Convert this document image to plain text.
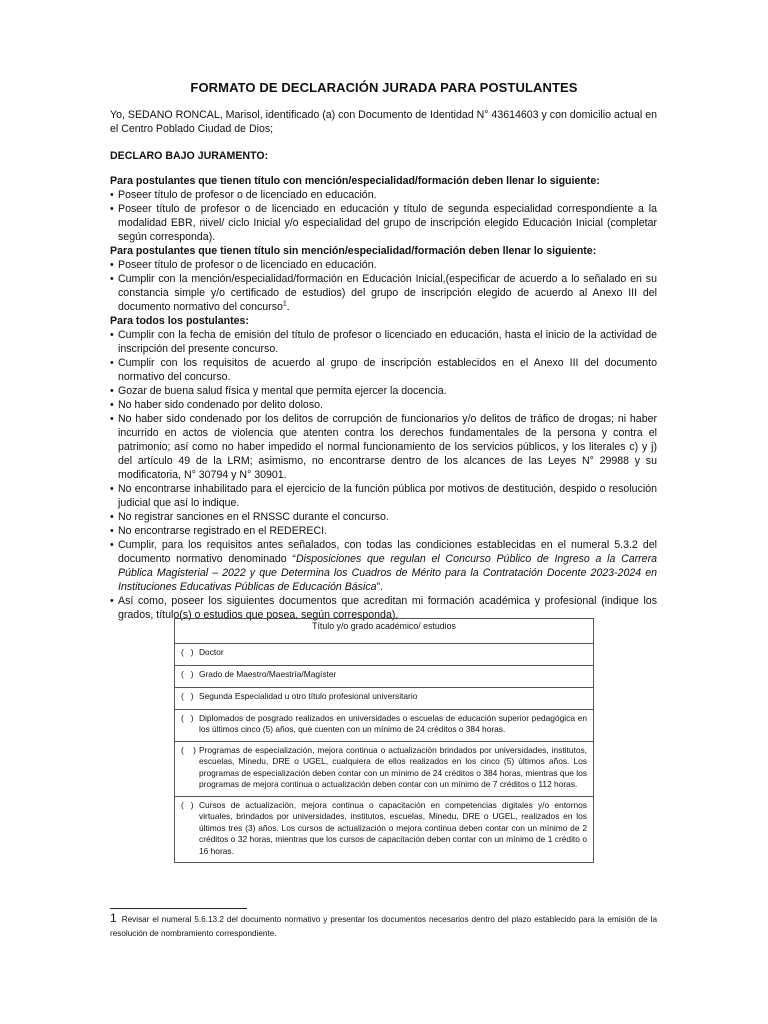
FORMATO DE DECLARACIÓN JURADA PARA POSTULANTES

Yo, SEDANO RONCAL, Marisol, identificado (a) con Documento de Identidad N° 43614603 y con domicilio actual en el Centro Poblado Ciudad de Dios;

DECLARO BAJO JURAMENTO:

Para postulantes que tienen título con mención/especialidad/formación deben llenar lo siguiente:

• Poseer título de profesor o de licenciado en educación.
• Poseer título de profesor o de licenciado en educación y título de segunda especialidad correspondiente a la modalidad EBR, nivel/ ciclo Inicial y/o especialidad del grupo de inscripción elegido Educación Inicial (completar según corresponda).

Para postulantes que tienen título sin mención/especialidad/formación deben llenar lo siguiente:

• Poseer título de profesor o de licenciado en educación.
• Cumplir con la mención/especialidad/formación en Educación Inicial,(especificar de acuerdo a lo señalado en su constancia simple y/o certificado de estudios) del grupo de inscripción elegido de acuerdo al Anexo III del documento normativo del concurso$^1$.

Para todos los postulantes:

• Cumplir con la fecha de emisión del título de profesor o licenciado en educación, hasta el inicio de la actividad de inscripción del presente concurso.
• Cumplir con los requisitos de acuerdo al grupo de inscripción establecidos en el Anexo III del documento normativo del concurso.
• Gozar de buena salud física y mental que permita ejercer la docencia.
• No haber sido condenado por delito doloso.
• No haber sido condenado por los delitos de corrupción de funcionarios y/o delitos de tráfico de drogas; ni haber incurrido en actos de violencia que atenten contra los derechos fundamentales de la persona y contra el patrimonio; así como no haber impedido el normal funcionamiento de los servicios públicos, y los literales c) y j) del artículo 49 de la LRM; asimismo, no encontrarse dentro de los alcances de las Leyes N° 29988 y su modificatoria, N° 30794 y N° 30901.
• No encontrarse inhabilitado para el ejercicio de la función pública por motivos de destitución, despido o resolución judicial que así lo indique.
• No registrar sanciones en el RNSSC durante el concurso.
• No encontrarse registrado en el REDERECI.
• Cumplir, para los requisitos antes señalados, con todas las condiciones establecidas en el numeral 5.3.2 del documento normativo denominado “Disposiciones que regulan el Concurso Público de Ingreso a la Carrera Pública Magisterial – 2022 y que Determina los Cuadros de Mérito para la Contratación Docente 2023-2024 en Instituciones Educativas Públicas de Educación Básica”.
• Así como, poseer los siguientes documentos que acreditan mi formación académica y profesional (indique los grados, título(s) o estudios que posea, según corresponda).
Título y/o grado académico/ estudios

(   ) Doctor

(   ) Grado de Maestro/Maestría/Magíster

(   ) Segunda Especialidad u otro título profesional universitario

(   ) Diplomados de posgrado realizados en universidades o escuelas de educación superior pedagógica en los últimos cinco (5) años, que cuenten con un mínimo de 24 créditos o 384 horas.

(    ) Programas de especialización, mejora continua o actualización brindados por universidades, institutos, escuelas, Minedu, DRE o UGEL, cualquiera de ellos realizados en los cinco (5) últimos años. Los programas de especialización deben contar con un mínimo de 24 créditos o 384 horas, mientras que los programas de mejora continua o actualización deben contar con un mínimo de 7 créditos o 112 horas.

(   ) Cursos de actualización, mejora continua o capacitación en competencias digitales y/o entornos virtuales, brindados por universidades, institutos, escuelas, Minedu, DRE o UGEL, realizados en los últimos tres (3) años. Los cursos de actualización o mejora continua deben contar con un mínimo de 2 créditos o 32 horas, mientras que los cursos de capacitación deben contar con un mínimo de 1 crédito o 16 horas.
1 Revisar el numeral 5.6.13.2 del documento normativo y presentar los documentos necesarios dentro del plazo establecido para la emisión de la resolución de nombramiento correspondiente.
